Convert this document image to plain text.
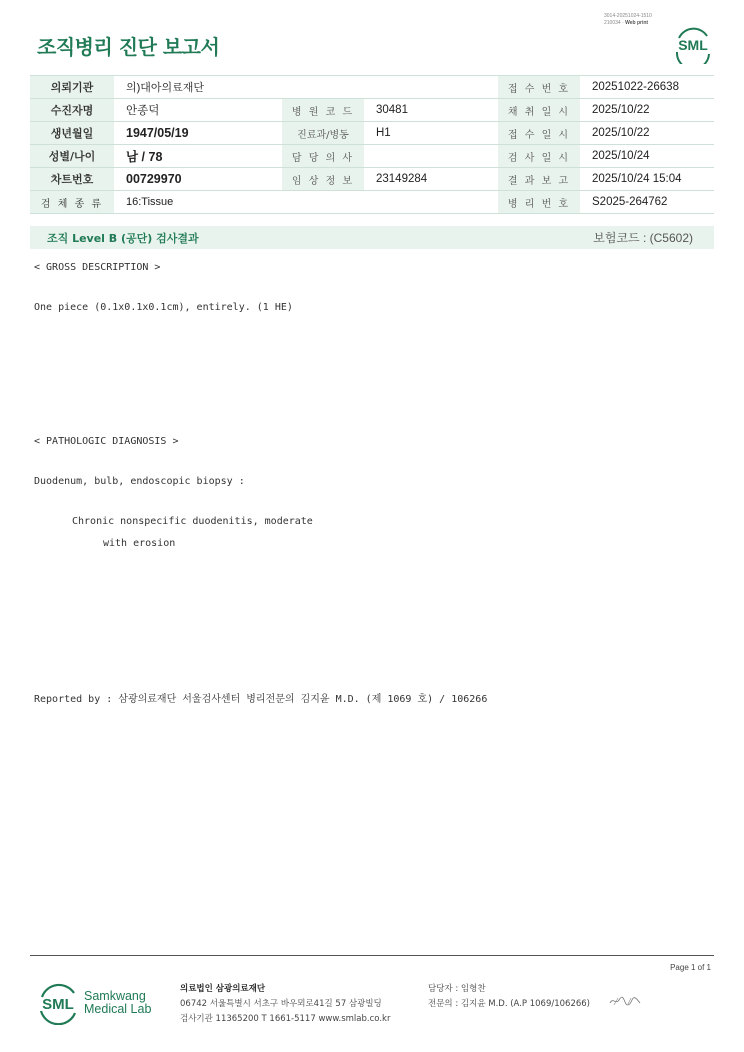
3014-20251024-1510
210034 · Web print
조직병리 진단 보고서	SML
의뢰기관	의)대아의료재단			접 수 번 호	20251022-26638
수진자명	안종덕	병 원 코 드	30481	채 취 일 시	2025/10/22
생년월일	1947/05/19	진료과/병동	H1	접 수 일 시	2025/10/22
성별/나이	남 / 78	담 당 의 사		검 사 일 시	2025/10/24
차트번호	00729970	임 상 정 보	23149284	결 과 보 고	2025/10/24 15:04
검 체 종 류	16:Tissue			병 리 번 호	S2025-264762
조직 Level B (공단) 검사결과	보험코드 : (C5602)
< GROSS DESCRIPTION >
One piece (0.1x0.1x0.1cm), entirely. (1 HE)
< PATHOLOGIC DIAGNOSIS >
Duodenum, bulb, endoscopic biopsy :
Chronic nonspecific duodenitis, moderate
with erosion
Reported by : 삼광의료재단 서울검사센터 병리전문의 김지윤 M.D. (제 1069 호) / 106266
Page 1 of 1
SML Samkwang
Medical Lab
의료법인 삼광의료재단
06742 서울특별시 서초구 바우뫼로41길 57 삼광빌딩
검사기관 11365200 T 1661-5117 www.smlab.co.kr
담당자 : 임형찬
전문의 : 김지윤 M.D. (A.P 1069/106266)
